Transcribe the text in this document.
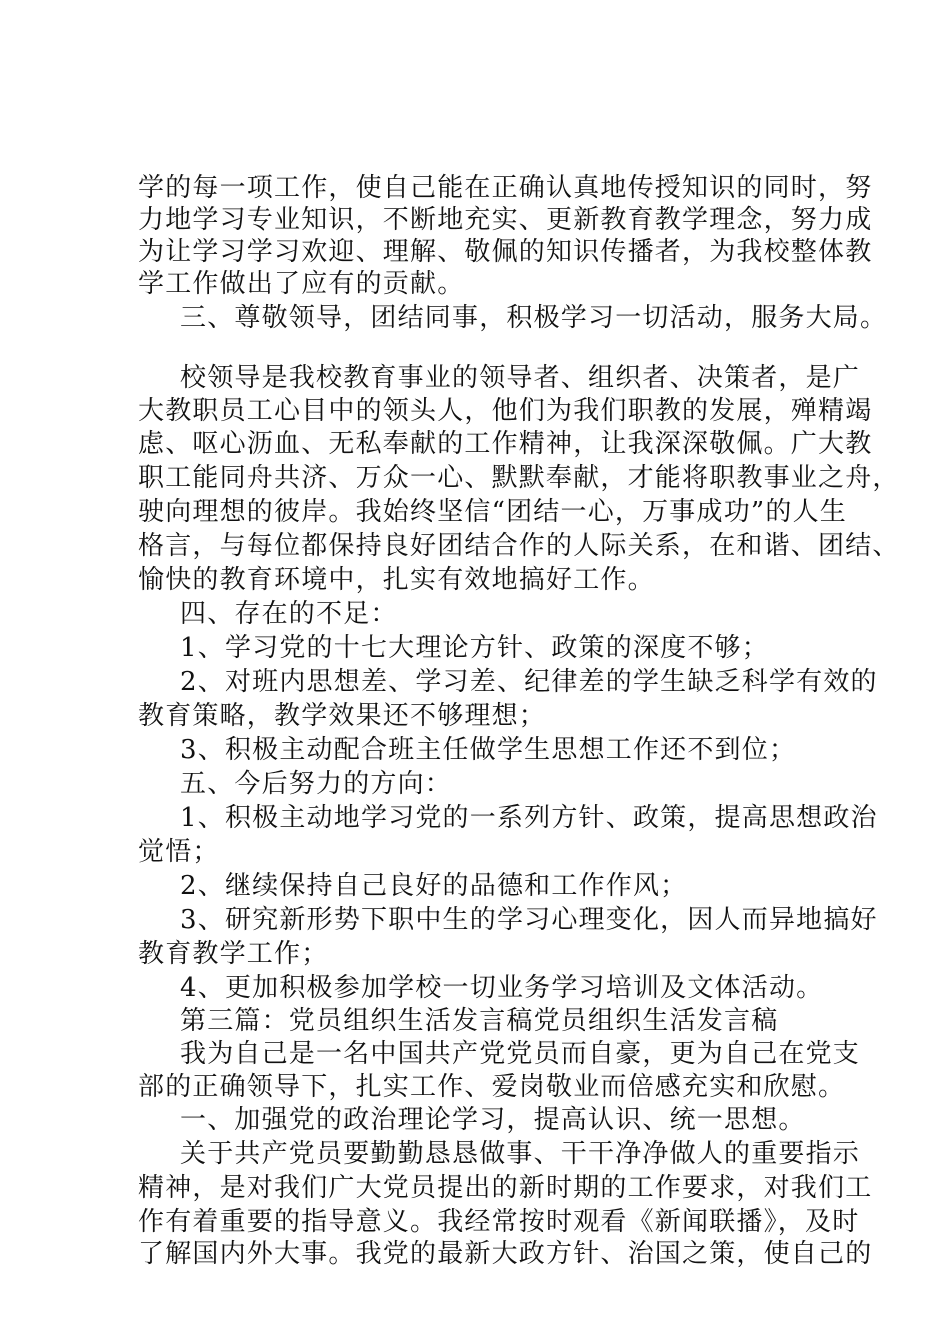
学的每一项工作，使自己能在正确认真地传授知识的同时，努
力地学习专业知识，不断地充实、更新教育教学理念，努力成
为让学习学习欢迎、理解、敬佩的知识传播者，为我校整体教
学工作做出了应有的贡献。
三、尊敬领导，团结同事，积极学习一切活动，服务大局。
校领导是我校教育事业的领导者、组织者、决策者，是广
大教职员工心目中的领头人，他们为我们职教的发展，殚精竭
虑、呕心沥血、无私奉献的工作精神，让我深深敬佩。广大教
职工能同舟共济、万众一心、默默奉献，才能将职教事业之舟，
驶向理想的彼岸。我始终坚信“团结一心，万事成功”的人生
格言，与每位都保持良好团结合作的人际关系，在和谐、团结、
愉快的教育环境中，扎实有效地搞好工作。
四、存在的不足：
1、学习党的十七大理论方针、政策的深度不够；
2、对班内思想差、学习差、纪律差的学生缺乏科学有效的
教育策略，教学效果还不够理想；
3、积极主动配合班主任做学生思想工作还不到位；
五、今后努力的方向：
1、积极主动地学习党的一系列方针、政策，提高思想政治
觉悟；
2、继续保持自己良好的品德和工作作风；
3、研究新形势下职中生的学习心理变化，因人而异地搞好
教育教学工作；
4、更加积极参加学校一切业务学习培训及文体活动。
第三篇：党员组织生活发言稿党员组织生活发言稿
我为自己是一名中国共产党党员而自豪，更为自己在党支
部的正确领导下，扎实工作、爱岗敬业而倍感充实和欣慰。
一、加强党的政治理论学习，提高认识、统一思想。
关于共产党员要勤勤恳恳做事、干干净净做人的重要指示
精神，是对我们广大党员提出的新时期的工作要求，对我们工
作有着重要的指导意义。我经常按时观看《新闻联播》，及时
了解国内外大事。我党的最新大政方针、治国之策，使自己的
